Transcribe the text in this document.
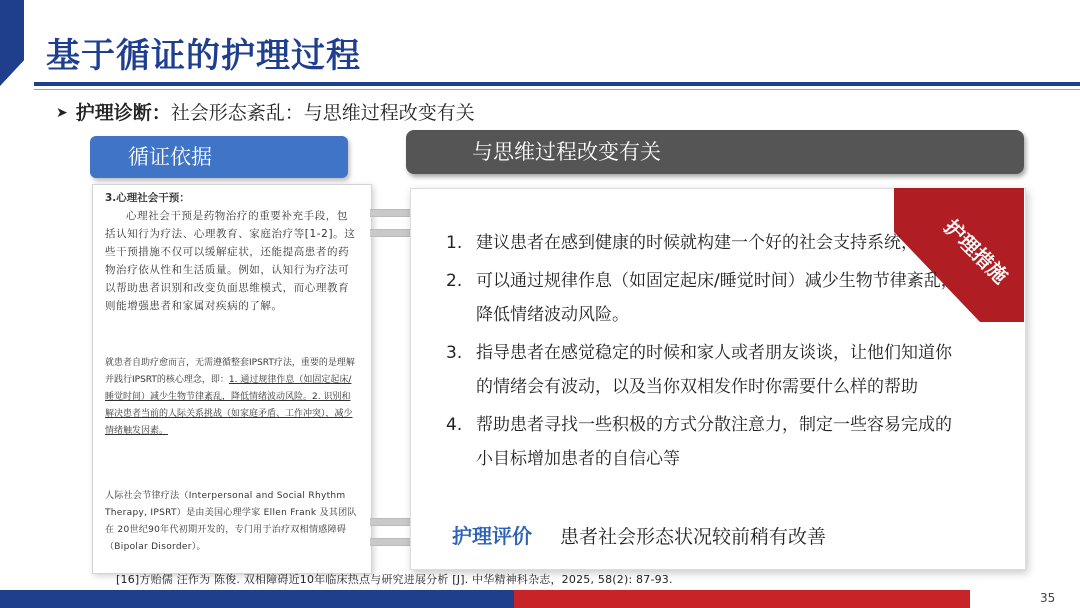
基于循证的护理过程
➤ 护理诊断：社会形态紊乱：与思维过程改变有关
循证依据	与思维过程改变有关
3.心理社会干预：
心理社会干预是药物治疗的重要补充手段，包括认知行为疗法、心理教育、家庭治疗等[1-2]。这些干预措施不仅可以缓解症状，还能提高患者的药物治疗依从性和生活质量。例如，认知行为疗法可以帮助患者识别和改变负面思维模式，而心理教育则能增强患者和家属对疾病的了解。
就患者自助疗愈而言，无需遵循整套IPSRT疗法，重要的是理解并践行IPSRT的核心理念，即：1. 通过规律作息（如固定起床/睡觉时间）减少生物节律紊乱，降低情绪波动风险。2. 识别和解决患者当前的人际关系挑战（如家庭矛盾、工作冲突），减少情绪触发因素。
人际社会节律疗法（Interpersonal and Social Rhythm Therapy, IPSRT）是由美国心理学家 Ellen Frank 及其团队在 20世纪90年代初期开发的，专门用于治疗双相情感障碍（Bipolar Disorder）。
护理措施
1. 建议患者在感到健康的时候就构建一个好的社会支持系统，
2. 可以通过规律作息（如固定起床/睡觉时间）减少生物节律紊乱，降低情绪波动风险。
3. 指导患者在感觉稳定的时候和家人或者朋友谈谈，让他们知道你的情绪会有波动，以及当你双相发作时你需要什么样的帮助
4. 帮助患者寻找一些积极的方式分散注意力，制定一些容易完成的小目标增加患者的自信心等
护理评价 患者社会形态状况较前稍有改善
[16]方贻儒 汪作为 陈俊. 双相障碍近10年临床热点与研究进展分析 [J]. 中华精神科杂志，2025, 58(2): 87-93.
35
